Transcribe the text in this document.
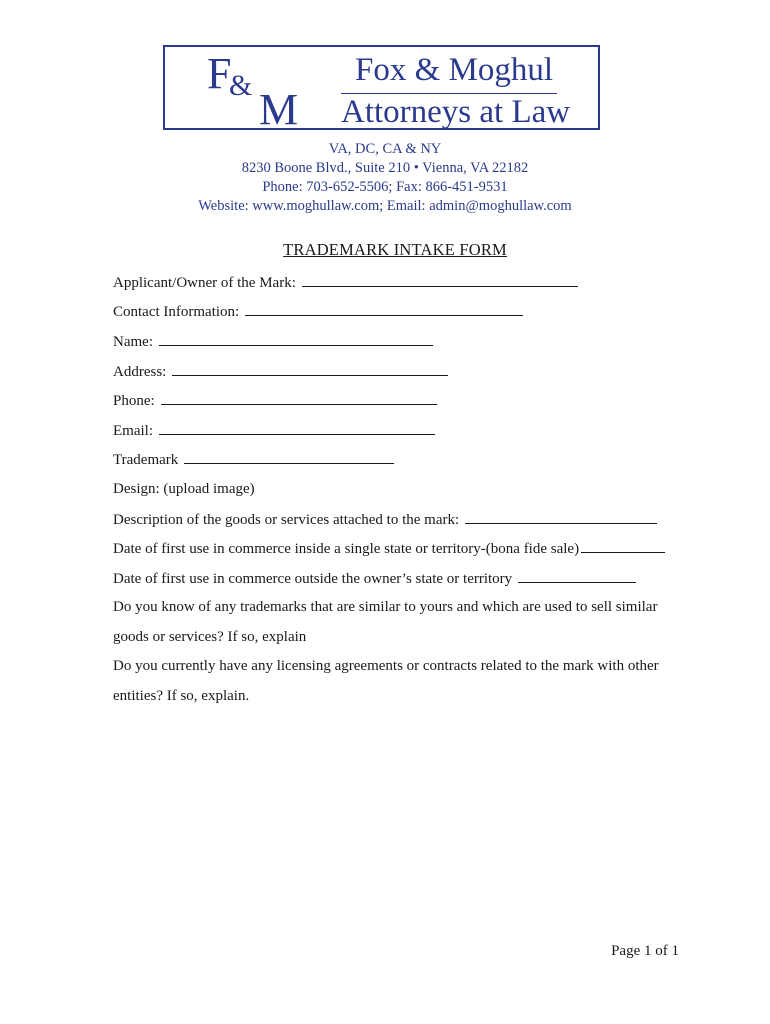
F
& M
Fox & Moghul
Attorneys at Law
VA, DC, CA & NY
8230 Boone Blvd., Suite 210 • Vienna, VA 22182
Phone: 703-652-5506; Fax: 866-451-9531
Website: www.moghullaw.com; Email: admin@moghullaw.com
TRADEMARK INTAKE FORM
Applicant/Owner of the Mark:
Contact Information:
Name:
Address:
Phone:
Email:
Trademark
Design: (upload image)
Description of the goods or services attached to the mark:
Date of first use in commerce inside a single state or territory-(bona fide sale)
Date of first use in commerce outside the owner’s state or territory
Do you know of any trademarks that are similar to yours and which are used to sell similar
goods or services? If so, explain
Do you currently have any licensing agreements or contracts related to the mark with other
entities? If so, explain.
Page 1 of 1
